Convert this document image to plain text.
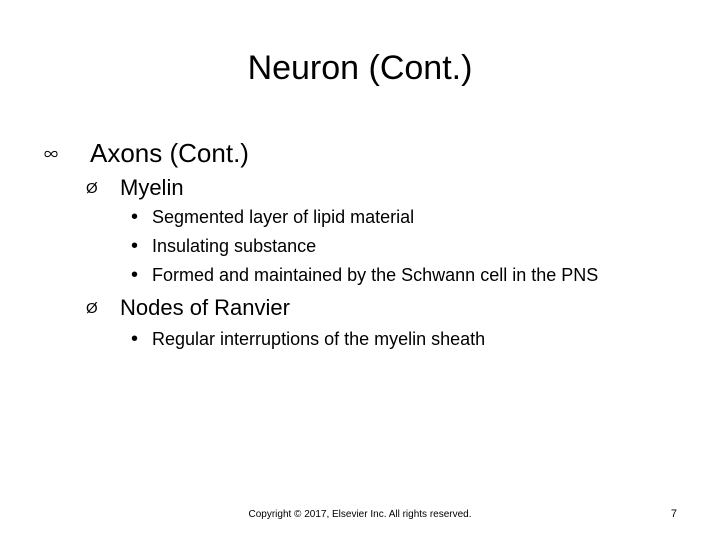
Neuron (Cont.)
Axons (Cont.)
Ø	Myelin
• Segmented layer of lipid material
• Insulating substance
• Formed and maintained by the Schwann cell in the PNS
Ø	Nodes of Ranvier
• Regular interruptions of the myelin sheath
Copyright © 2017, Elsevier Inc. All rights reserved.	7
